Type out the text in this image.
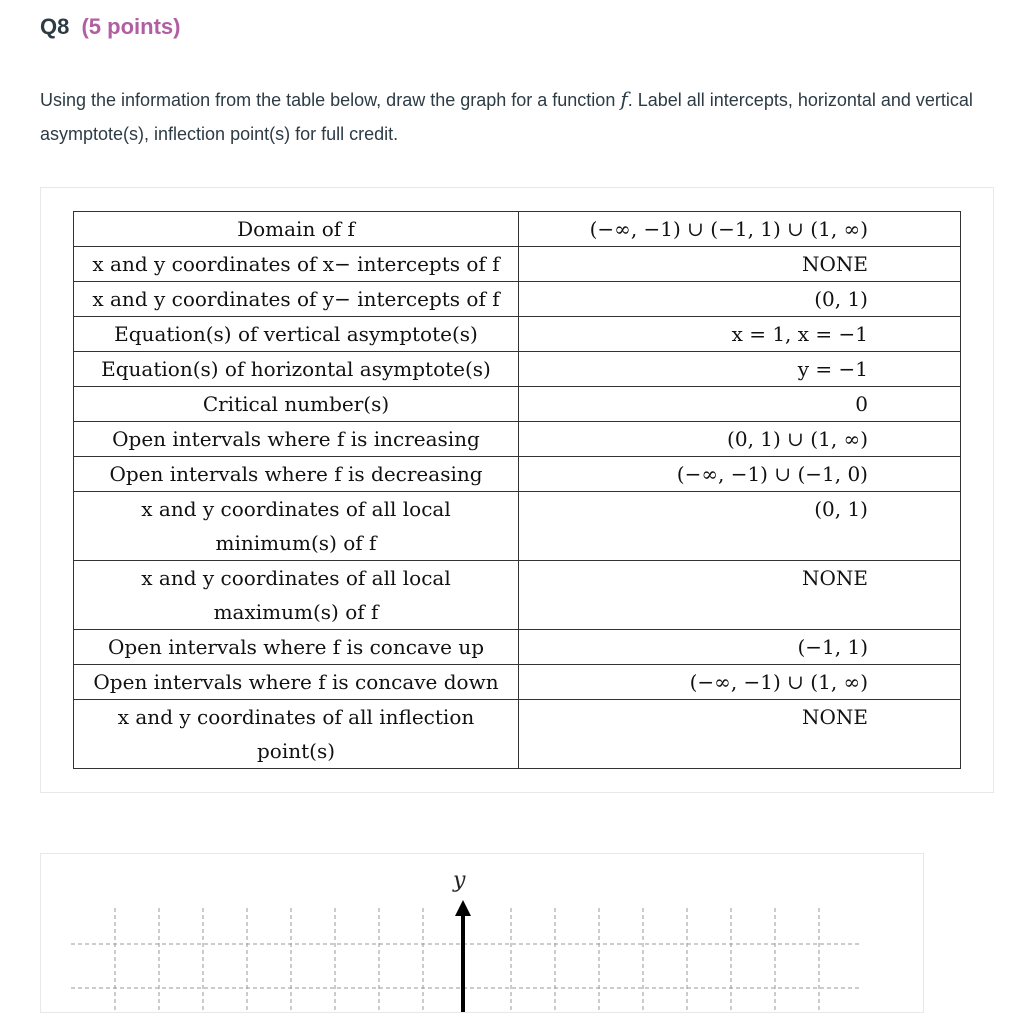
Q8 (5 points)
Using the information from the table below, draw the graph for a function f. Label all intercepts, horizontal and vertical asymptote(s), inflection point(s) for full credit.
Domain of f	(−∞, −1) ∪ (−1, 1) ∪ (1, ∞)
x and y coordinates of x− intercepts of f	NONE
x and y coordinates of y− intercepts of f	(0, 1)
Equation(s) of vertical asymptote(s)	x = 1, x = −1
Equation(s) of horizontal asymptote(s)	y = −1
Critical number(s)	0
Open intervals where f is increasing	(0, 1) ∪ (1, ∞)
Open intervals where f is decreasing	(−∞, −1) ∪ (−1, 0)
x and y coordinates of all local minimum(s) of f	(0, 1)
x and y coordinates of all local maximum(s) of f	NONE
Open intervals where f is concave up	(−1, 1)
Open intervals where f is concave down	(−∞, −1) ∪ (1, ∞)
x and y coordinates of all inflection point(s)	NONE
y
